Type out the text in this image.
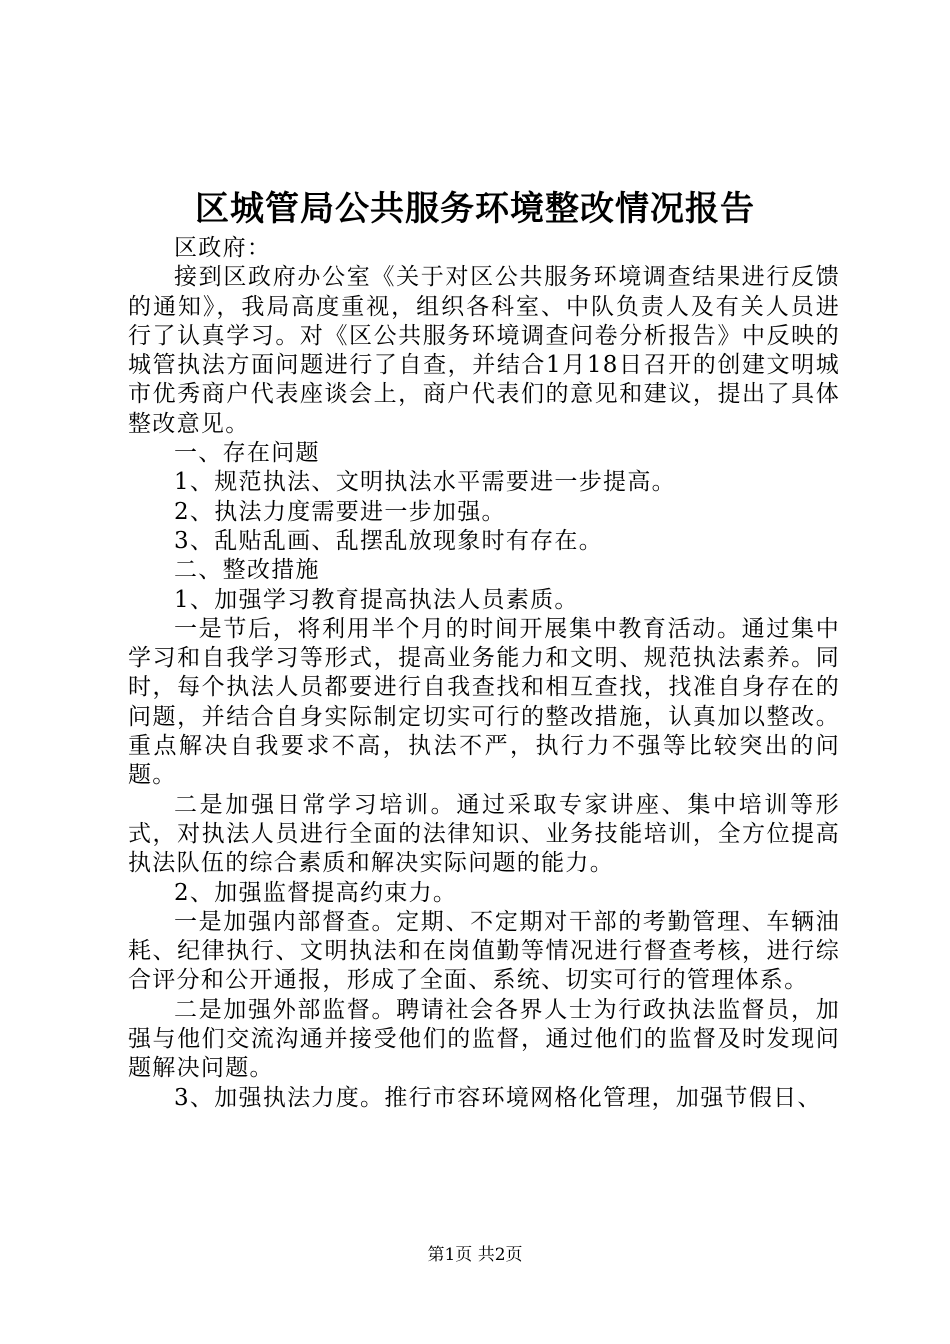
区城管局公共服务环境整改情况报告

区政府：

接到区政府办公室《关于对区公共服务环境调查结果进行反馈的通知》，我局高度重视，组织各科室、中队负责人及有关人员进行了认真学习。对《区公共服务环境调查问卷分析报告》中反映的城管执法方面问题进行了自查，并结合1月18日召开的创建文明城市优秀商户代表座谈会上，商户代表们的意见和建议，提出了具体整改意见。

一、存在问题

1、规范执法、文明执法水平需要进一步提高。

2、执法力度需要进一步加强。

3、乱贴乱画、乱摆乱放现象时有存在。

二、整改措施

1、加强学习教育提高执法人员素质。

一是节后，将利用半个月的时间开展集中教育活动。通过集中学习和自我学习等形式，提高业务能力和文明、规范执法素养。同时，每个执法人员都要进行自我查找和相互查找，找准自身存在的问题，并结合自身实际制定切实可行的整改措施，认真加以整改。重点解决自我要求不高，执法不严，执行力不强等比较突出的问题。

二是加强日常学习培训。通过采取专家讲座、集中培训等形式，对执法人员进行全面的法律知识、业务技能培训，全方位提高执法队伍的综合素质和解决实际问题的能力。

2、加强监督提高约束力。

一是加强内部督查。定期、不定期对干部的考勤管理、车辆油耗、纪律执行、文明执法和在岗值勤等情况进行督查考核，进行综合评分和公开通报，形成了全面、系统、切实可行的管理体系。

二是加强外部监督。聘请社会各界人士为行政执法监督员，加强与他们交流沟通并接受他们的监督，通过他们的监督及时发现问题解决问题。

3、加强执法力度。推行市容环境网格化管理，加强节假日、

第1页 共2页
